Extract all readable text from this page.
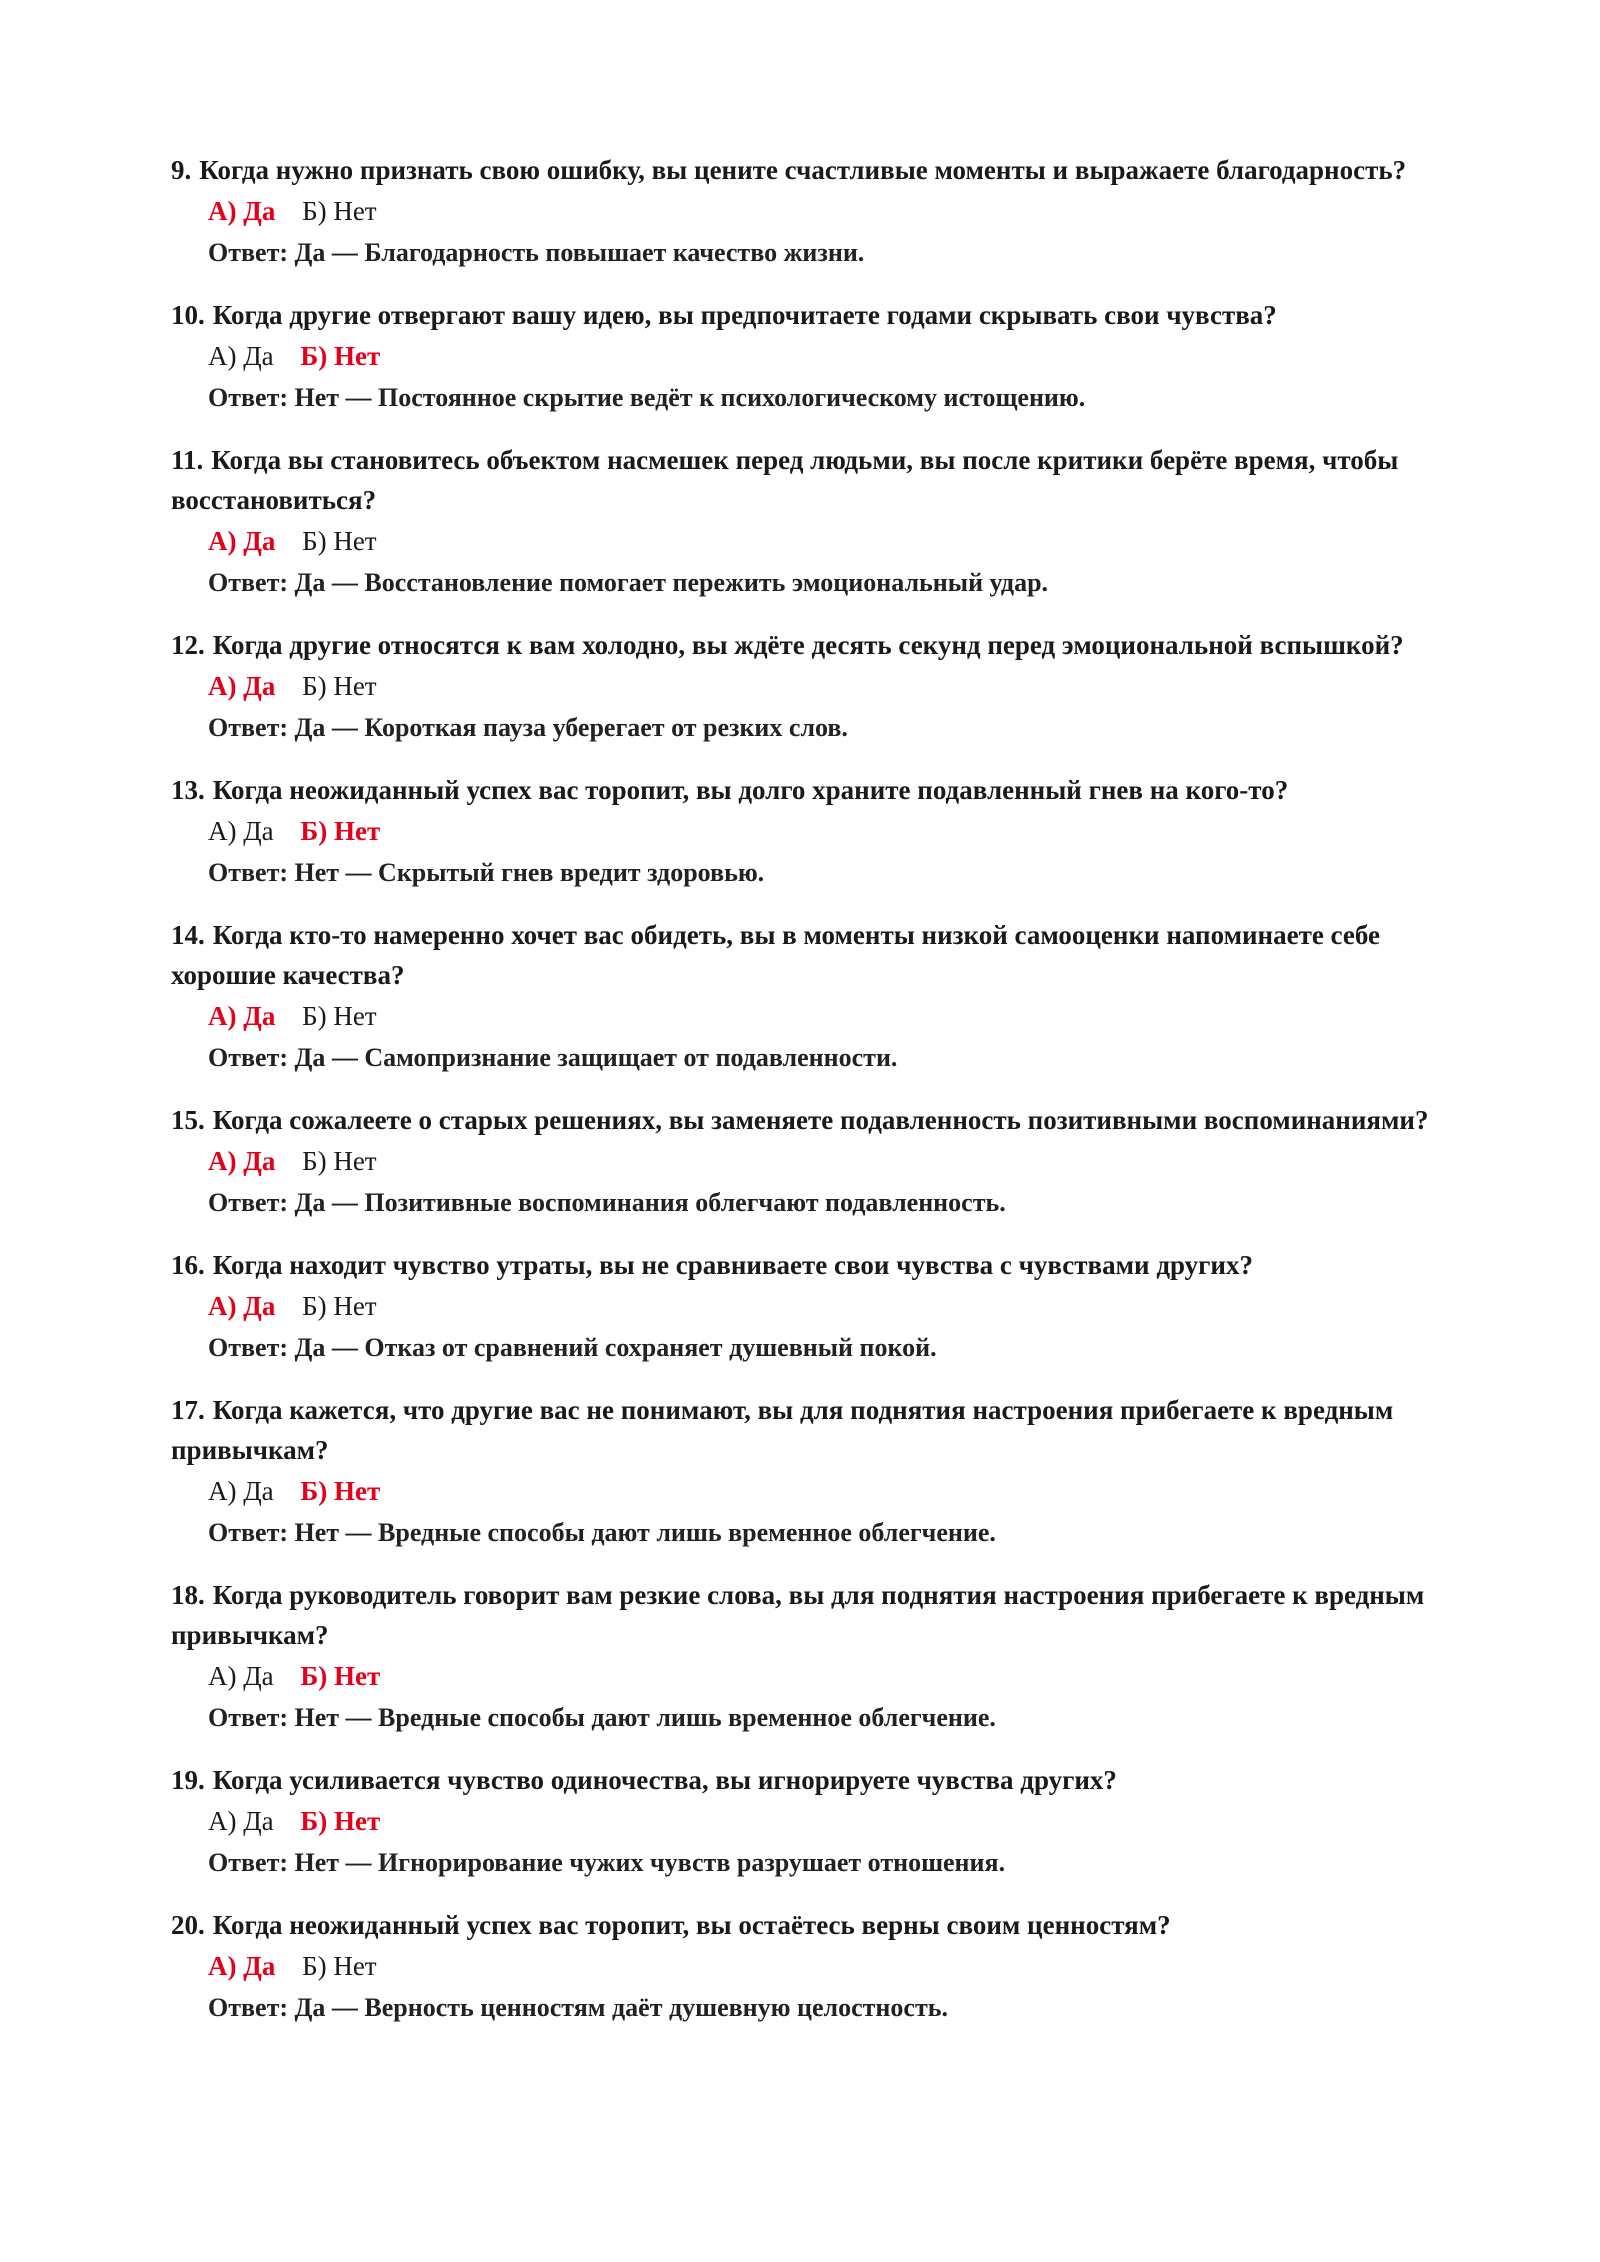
9. Когда нужно признать свою ошибку, вы цените счастливые моменты и выражаете благодарность?

А) Да Б) Нет

Ответ: Да — Благодарность повышает качество жизни.

10. Когда другие отвергают вашу идею, вы предпочитаете годами скрывать свои чувства?

А) Да Б) Нет

Ответ: Нет — Постоянное скрытие ведёт к психологическому истощению.

11. Когда вы становитесь объектом насмешек перед людьми, вы после критики берёте время, чтобы восстановиться?

А) Да Б) Нет

Ответ: Да — Восстановление помогает пережить эмоциональный удар.

12. Когда другие относятся к вам холодно, вы ждёте десять секунд перед эмоциональной вспышкой?

А) Да Б) Нет

Ответ: Да — Короткая пауза уберегает от резких слов.

13. Когда неожиданный успех вас торопит, вы долго храните подавленный гнев на кого-то?

А) Да Б) Нет

Ответ: Нет — Скрытый гнев вредит здоровью.

14. Когда кто-то намеренно хочет вас обидеть, вы в моменты низкой самооценки напоминаете себе хорошие качества?

А) Да Б) Нет

Ответ: Да — Самопризнание защищает от подавленности.

15. Когда сожалеете о старых решениях, вы заменяете подавленность позитивными воспоминаниями?

А) Да Б) Нет

Ответ: Да — Позитивные воспоминания облегчают подавленность.

16. Когда находит чувство утраты, вы не сравниваете свои чувства с чувствами других?

А) Да Б) Нет

Ответ: Да — Отказ от сравнений сохраняет душевный покой.

17. Когда кажется, что другие вас не понимают, вы для поднятия настроения прибегаете к вредным привычкам?

А) Да Б) Нет

Ответ: Нет — Вредные способы дают лишь временное облегчение.

18. Когда руководитель говорит вам резкие слова, вы для поднятия настроения прибегаете к вредным привычкам?

А) Да Б) Нет

Ответ: Нет — Вредные способы дают лишь временное облегчение.

19. Когда усиливается чувство одиночества, вы игнорируете чувства других?

А) Да Б) Нет

Ответ: Нет — Игнорирование чужих чувств разрушает отношения.

20. Когда неожиданный успех вас торопит, вы остаётесь верны своим ценностям?

А) Да Б) Нет

Ответ: Да — Верность ценностям даёт душевную целостность.
